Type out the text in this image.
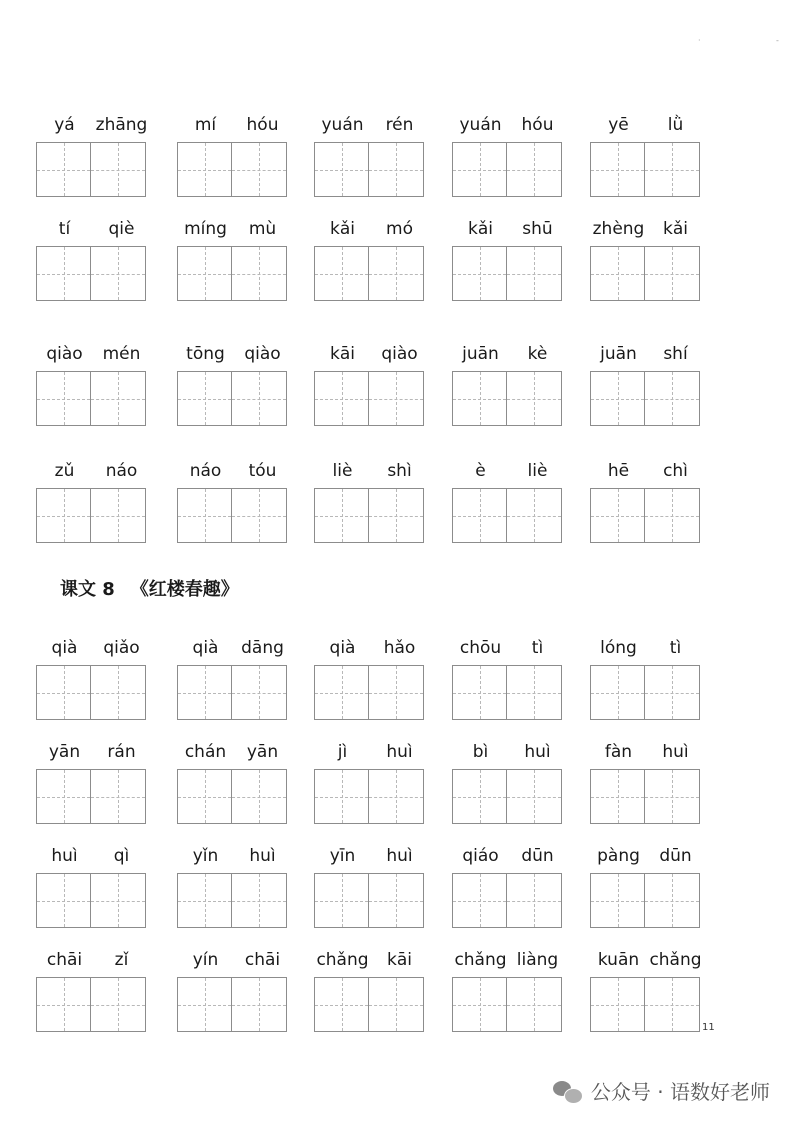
yá	zhāng	mí	hóu	yuán	rén	yuán	hóu	yē	lǜ
tí	qiè	míng	mù	kǎi	mó	kǎi	shū	zhèng	kǎi
qiào	mén	tōng	qiào	kāi	qiào	juān	kè	juān	shí
zǔ	náo	náo	tóu	liè	shì	è	liè	hē	chì
qià	qiǎo	qià	dāng	qià	hǎo	chōu	tì	lóng	tì
yān	rán	chán	yān	jì	huì	bì	huì	fàn	huì
huì	qì	yǐn	huì	yīn	huì	qiáo	dūn	pàng	dūn
chāi	zǐ	yín	chāi	chǎng	kāi	chǎng liàng	kuān chǎng
课文 8 《红楼春趣》
·	-
11
公众号 · 语数好老师
